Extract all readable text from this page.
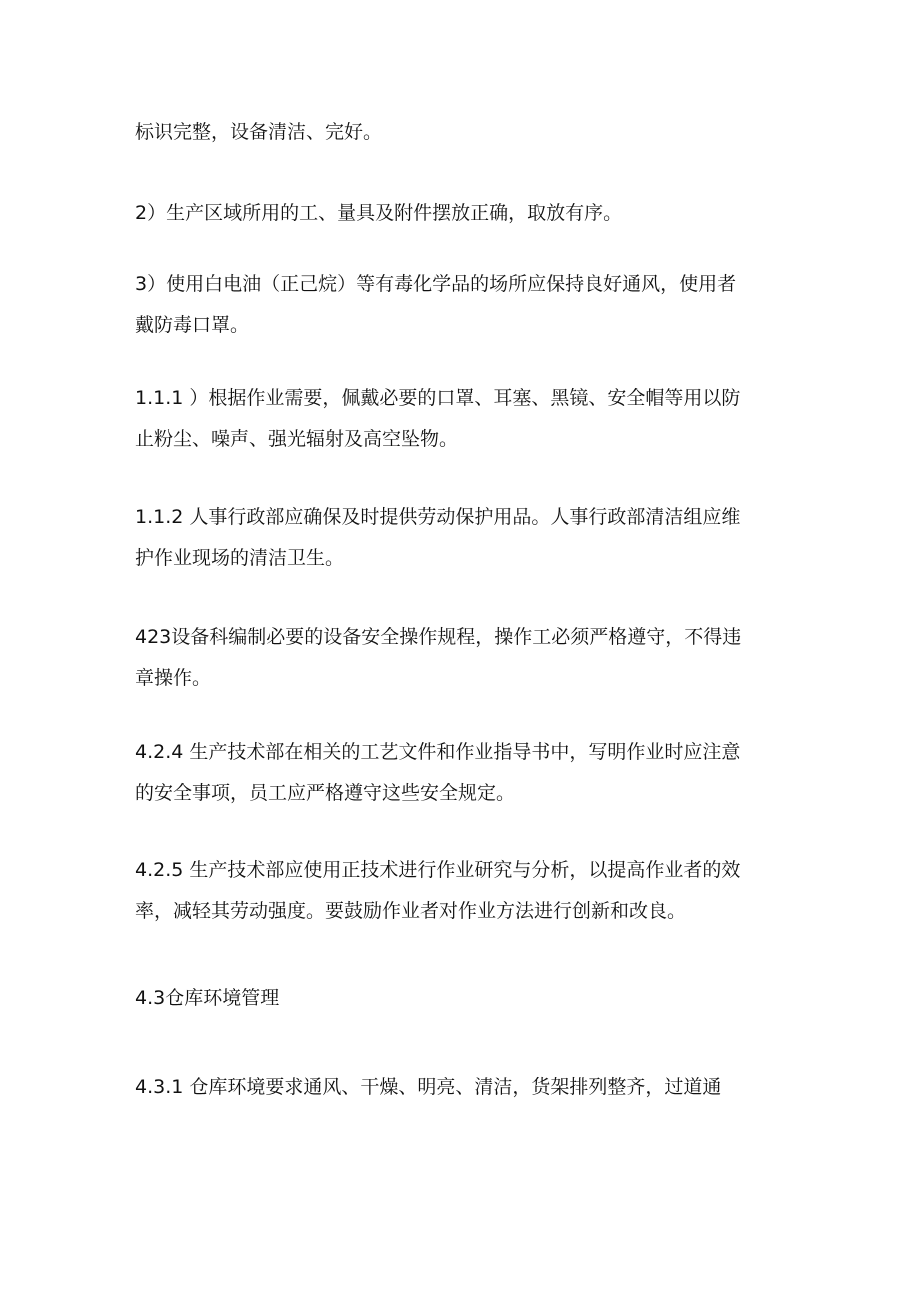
标识完整，设备清洁、完好。
2）生产区域所用的工、量具及附件摆放正确，取放有序。
3）使用白电油（正己烷）等有毒化学品的场所应保持良好通风，使用者
戴防毒口罩。
1.1.1 ）根据作业需要，佩戴必要的口罩、耳塞、黑镜、安全帽等用以防
止粉尘、噪声、强光辐射及高空坠物。
1.1.2 人事行政部应确保及时提供劳动保护用品。人事行政部清洁组应维
护作业现场的清洁卫生。
423设备科编制必要的设备安全操作规程，操作工必须严格遵守，不得违
章操作。
4.2.4 生产技术部在相关的工艺文件和作业指导书中，写明作业时应注意
的安全事项，员工应严格遵守这些安全规定。
4.2.5 生产技术部应使用正技术进行作业研究与分析，以提高作业者的效
率，减轻其劳动强度。要鼓励作业者对作业方法进行创新和改良。
4.3仓库环境管理
4.3.1 仓库环境要求通风、干燥、明亮、清洁，货架排列整齐，过道通
